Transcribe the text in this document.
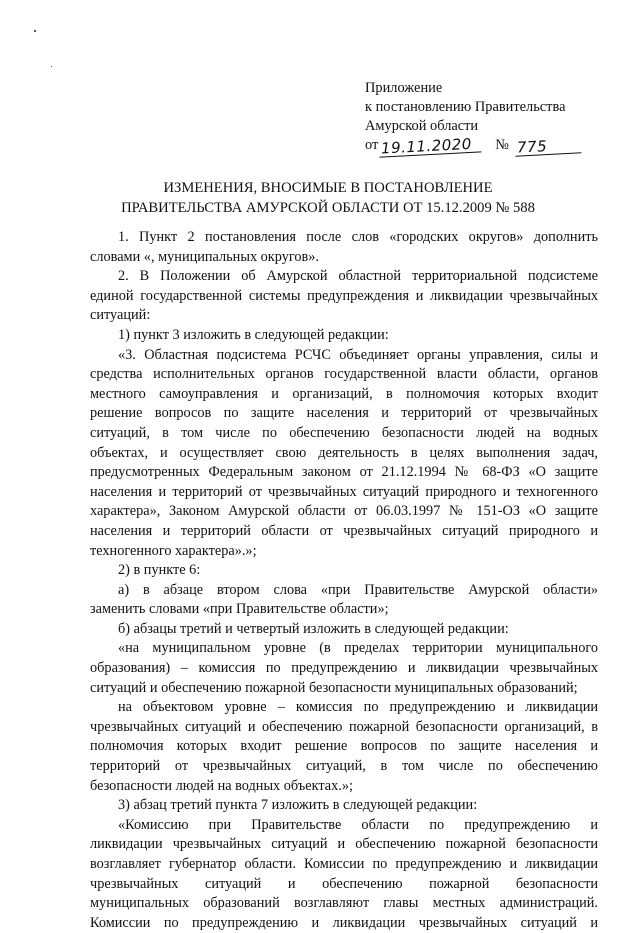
Приложение
к постановлению Правительства
Амурской области
от 19.11.2020	№ 775
ИЗМЕНЕНИЯ, ВНОСИМЫЕ В ПОСТАНОВЛЕНИЕ
ПРАВИТЕЛЬСТВА АМУРСКОЙ ОБЛАСТИ ОТ 15.12.2009 № 588
1. Пункт 2 постановления после слов «городских округов» дополнить
словами «, муниципальных округов».
2. В Положении об Амурской областной территориальной подсистеме
единой государственной системы предупреждения и ликвидации чрезвычайных
ситуаций:
1) пункт 3 изложить в следующей редакции:
«3. Областная подсистема РСЧС объединяет органы управления, силы и
средства исполнительных органов государственной власти области, органов
местного самоуправления и организаций, в полномочия которых входит
решение вопросов по защите населения и территорий от чрезвычайных
ситуаций, в том числе по обеспечению безопасности людей на водных
объектах, и осуществляет свою деятельность в целях выполнения задач,
предусмотренных Федеральным законом от 21.12.1994 № 68-ФЗ «О защите
населения и территорий от чрезвычайных ситуаций природного и техногенного
характера», Законом Амурской области от 06.03.1997 № 151-ОЗ «О защите
населения и территорий области от чрезвычайных ситуаций природного и
техногенного характера».»;
2) в пункте 6:
а) в абзаце втором слова «при Правительстве Амурской области»
заменить словами «при Правительстве области»;
б) абзацы третий и четвертый изложить в следующей редакции:
«на муниципальном уровне (в пределах территории муниципального
образования) – комиссия по предупреждению и ликвидации чрезвычайных
ситуаций и обеспечению пожарной безопасности муниципальных образований;
на объектовом уровне – комиссия по предупреждению и ликвидации
чрезвычайных ситуаций и обеспечению пожарной безопасности организаций, в
полномочия которых входит решение вопросов по защите населения и
территорий от чрезвычайных ситуаций, в том числе по обеспечению
безопасности людей на водных объектах.»;
3) абзац третий пункта 7 изложить в следующей редакции:
«Комиссию при Правительстве области по предупреждению и
ликвидации чрезвычайных ситуаций и обеспечению пожарной безопасности
возглавляет губернатор области. Комиссии по предупреждению и ликвидации
чрезвычайных ситуаций и обеспечению пожарной безопасности
муниципальных образований возглавляют главы местных администраций.
Комиссии по предупреждению и ликвидации чрезвычайных ситуаций и
